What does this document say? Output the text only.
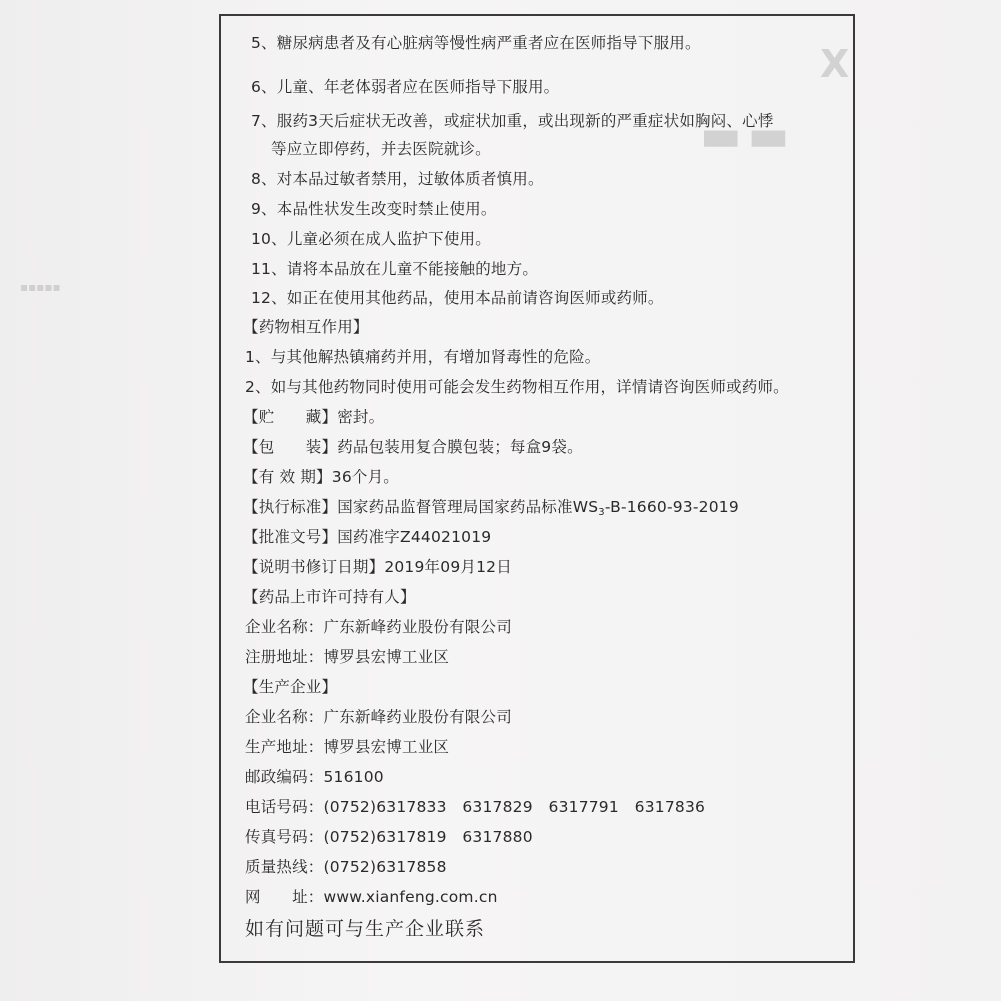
X
▬▬
▪▪▪▪▪
5、糖尿病患者及有心脏病等慢性病严重者应在医师指导下服用。
6、儿童、年老体弱者应在医师指导下服用。
7、服药3天后症状无改善，或症状加重，或出现新的严重症状如胸闷、心悸
等应立即停药，并去医院就诊。
8、对本品过敏者禁用，过敏体质者慎用。
9、本品性状发生改变时禁止使用。
10、儿童必须在成人监护下使用。
11、请将本品放在儿童不能接触的地方。
12、如正在使用其他药品，使用本品前请咨询医师或药师。
【药物相互作用】
1、与其他解热镇痛药并用，有增加肾毒性的危险。
2、如与其他药物同时使用可能会发生药物相互作用，详情请咨询医师或药师。
【贮　　藏】密封。
【包　　装】药品包装用复合膜包装；每盒9袋。
【有 效 期】36个月。
【执行标准】国家药品监督管理局国家药品标准$WS_3-B-1660-93-2019$
【批准文号】国药准字Z44021019
【说明书修订日期】2019年09月12日
【药品上市许可持有人】
企业名称：广东新峰药业股份有限公司
注册地址：博罗县宏博工业区
【生产企业】
企业名称：广东新峰药业股份有限公司
生产地址：博罗县宏博工业区
邮政编码：516100
电话号码：(0752)6317833　6317829　6317791　6317836
传真号码：(0752)6317819　6317880
质量热线：(0752)6317858
网　　址：www.xianfeng.com.cn
如有问题可与生产企业联系
